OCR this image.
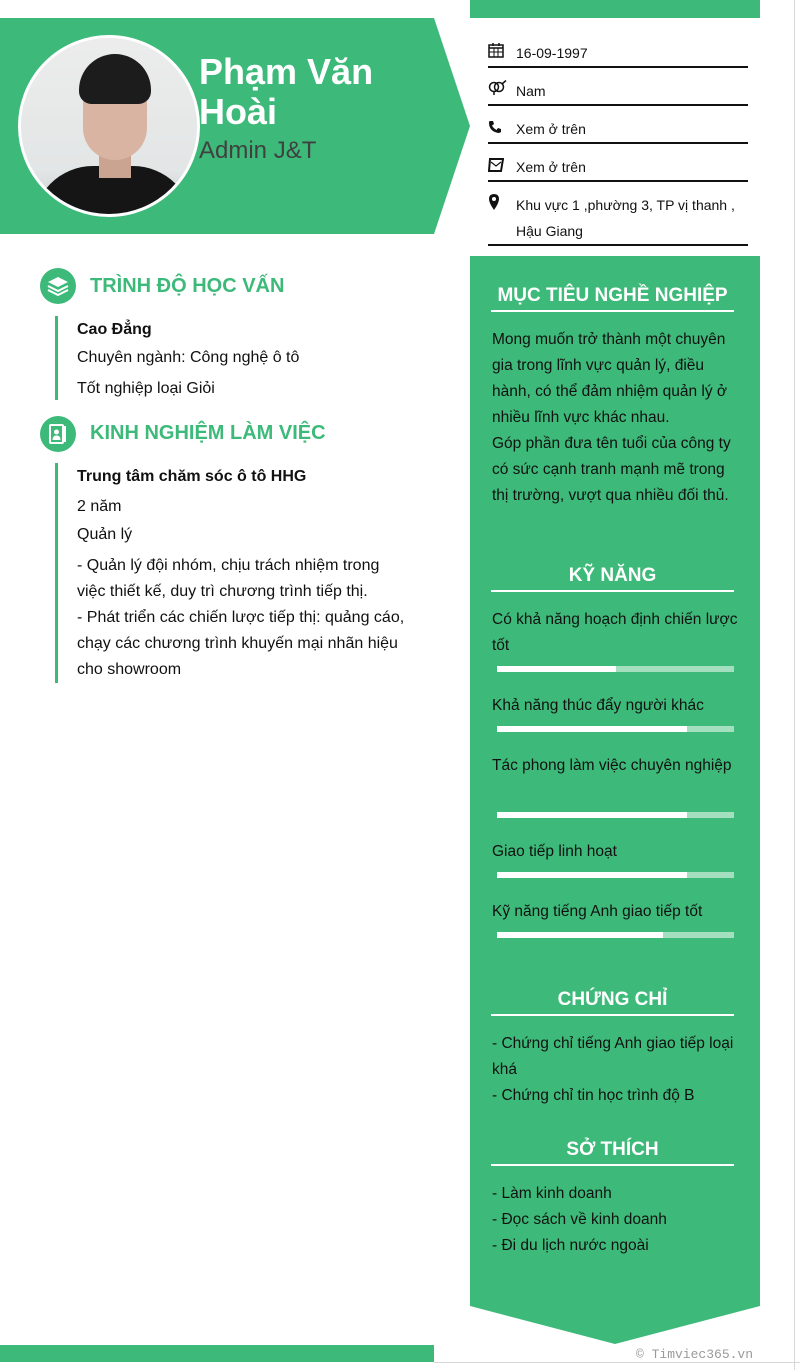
Phạm Văn Hoài
Admin J&T
16-09-1997
Nam
Xem ở trên
Xem ở trên
Khu vực 1 ,phường 3, TP vị thanh , Hậu Giang
TRÌNH ĐỘ HỌC VẤN
Cao Đẳng
Chuyên ngành: Công nghệ ô tô
Tốt nghiệp loại Giỏi
KINH NGHIỆM LÀM VIỆC
Trung tâm chăm sóc ô tô HHG
2 năm
Quản lý
- Quản lý đội nhóm, chịu trách nhiệm trong việc thiết kế, duy trì chương trình tiếp thị.
- Phát triển các chiến lược tiếp thị: quảng cáo, chạy các chương trình khuyến mại nhãn hiệu cho showroom
MỤC TIÊU NGHỀ NGHIỆP
Mong muốn trở thành một chuyên gia trong lĩnh vực quản lý, điều hành, có thể đảm nhiệm quản lý ở nhiều lĩnh vực khác nhau.
Góp phần đưa tên tuổi của công ty có sức cạnh tranh mạnh mẽ trong thị trường, vượt qua nhiều đối thủ.
KỸ NĂNG
Có khả năng hoạch định chiến lược tốt
Khả năng thúc đẩy người khác
Tác phong làm việc chuyên nghiệp
Giao tiếp linh hoạt
Kỹ năng tiếng Anh giao tiếp tốt
CHỨNG CHỈ
- Chứng chỉ tiếng Anh giao tiếp loại khá
- Chứng chỉ tin học trình độ B
SỞ THÍCH
- Làm kinh doanh
- Đọc sách về kinh doanh
- Đi du lịch nước ngoài
© Timviec365.vn
